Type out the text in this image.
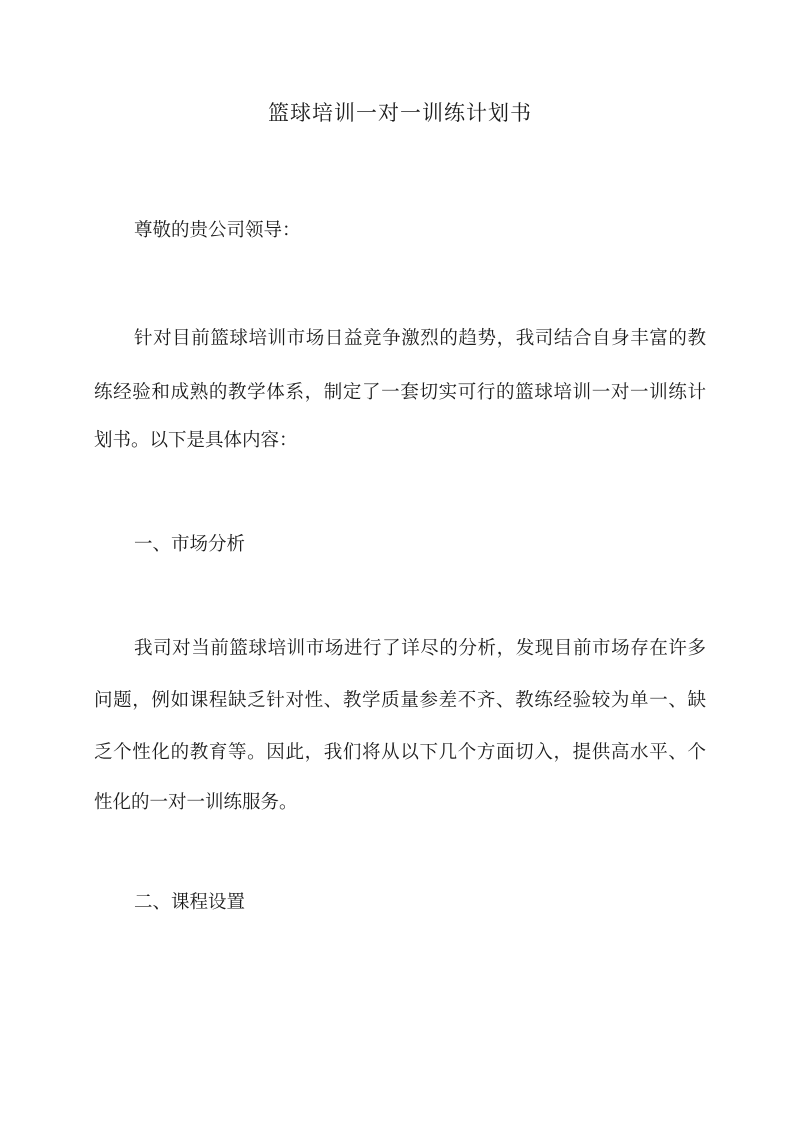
篮球培训一对一训练计划书

尊敬的贵公司领导：

针对目前篮球培训市场日益竞争激烈的趋势，我司结合自身丰富的教

练经验和成熟的教学体系，制定了一套切实可行的篮球培训一对一训练计

划书。以下是具体内容：

一、市场分析

我司对当前篮球培训市场进行了详尽的分析，发现目前市场存在许多

问题，例如课程缺乏针对性、教学质量参差不齐、教练经验较为单一、缺

乏个性化的教育等。因此，我们将从以下几个方面切入，提供高水平、个

性化的一对一训练服务。

二、课程设置
